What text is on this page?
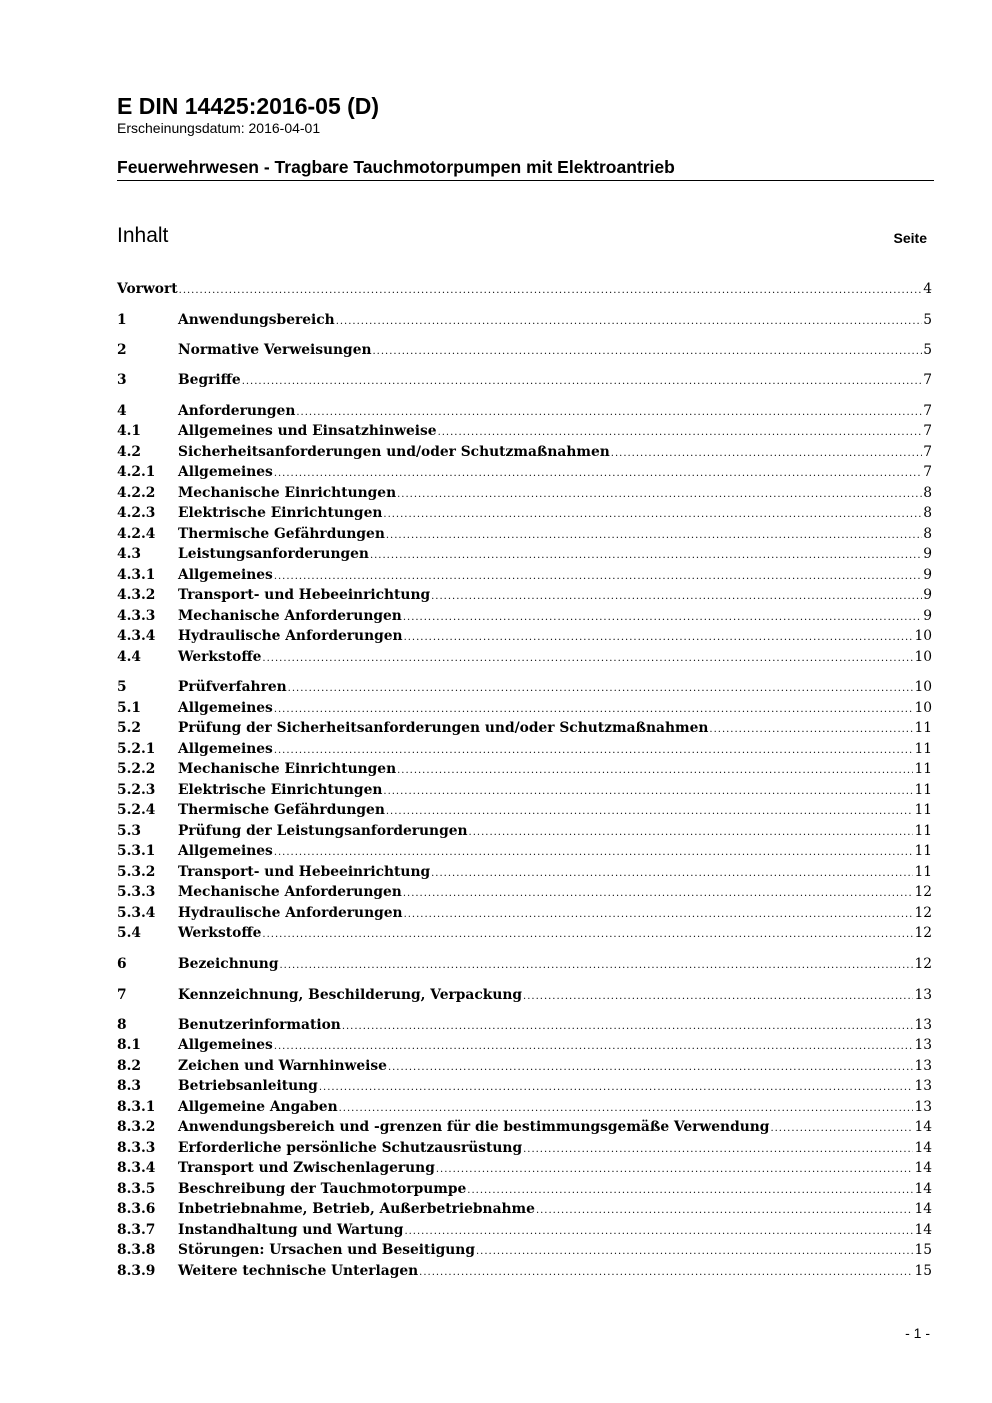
E DIN 14425:2016-05 (D)
Erscheinungsdatum: 2016-04-01
Feuerwehrwesen - Tragbare Tauchmotorpumpen mit Elektroantrieb
Inhalt	Seite
Vorwort .....	4
1	Anwendungsbereich .....	5
2	Normative Verweisungen .....	5
3	Begriffe .....	7
4	Anforderungen .....	7
4.1	Allgemeines und Einsatzhinweise .....	7
4.2	Sicherheitsanforderungen und/oder Schutzmaßnahmen .....	7
4.2.1	Allgemeines .....	7
4.2.2	Mechanische Einrichtungen .....	8
4.2.3	Elektrische Einrichtungen .....	8
4.2.4	Thermische Gefährdungen .....	8
4.3	Leistungsanforderungen .....	9
4.3.1	Allgemeines .....	9
4.3.2	Transport- und Hebeeinrichtung .....	9
4.3.3	Mechanische Anforderungen .....	9
4.3.4	Hydraulische Anforderungen .....	10
4.4	Werkstoffe .....	10
5	Prüfverfahren .....	10
5.1	Allgemeines .....	10
5.2	Prüfung der Sicherheitsanforderungen und/oder Schutzmaßnahmen .....	11
5.2.1	Allgemeines .....	11
5.2.2	Mechanische Einrichtungen .....	11
5.2.3	Elektrische Einrichtungen .....	11
5.2.4	Thermische Gefährdungen .....	11
5.3	Prüfung der Leistungsanforderungen .....	11
5.3.1	Allgemeines .....	11
5.3.2	Transport- und Hebeeinrichtung .....	11
5.3.3	Mechanische Anforderungen .....	12
5.3.4	Hydraulische Anforderungen .....	12
5.4	Werkstoffe .....	12
6	Bezeichnung .....	12
7	Kennzeichnung, Beschilderung, Verpackung .....	13
8	Benutzerinformation .....	13
8.1	Allgemeines .....	13
8.2	Zeichen und Warnhinweise .....	13
8.3	Betriebsanleitung .....	13
8.3.1	Allgemeine Angaben .....	13
8.3.2	Anwendungsbereich und -grenzen für die bestimmungsgemäße Verwendung .....	14
8.3.3	Erforderliche persönliche Schutzausrüstung .....	14
8.3.4	Transport und Zwischenlagerung .....	14
8.3.5	Beschreibung der Tauchmotorpumpe .....	14
8.3.6	Inbetriebnahme, Betrieb, Außerbetriebnahme .....	14
8.3.7	Instandhaltung und Wartung .....	14
8.3.8	Störungen: Ursachen und Beseitigung .....	15
8.3.9	Weitere technische Unterlagen .....	15
- 1 -
